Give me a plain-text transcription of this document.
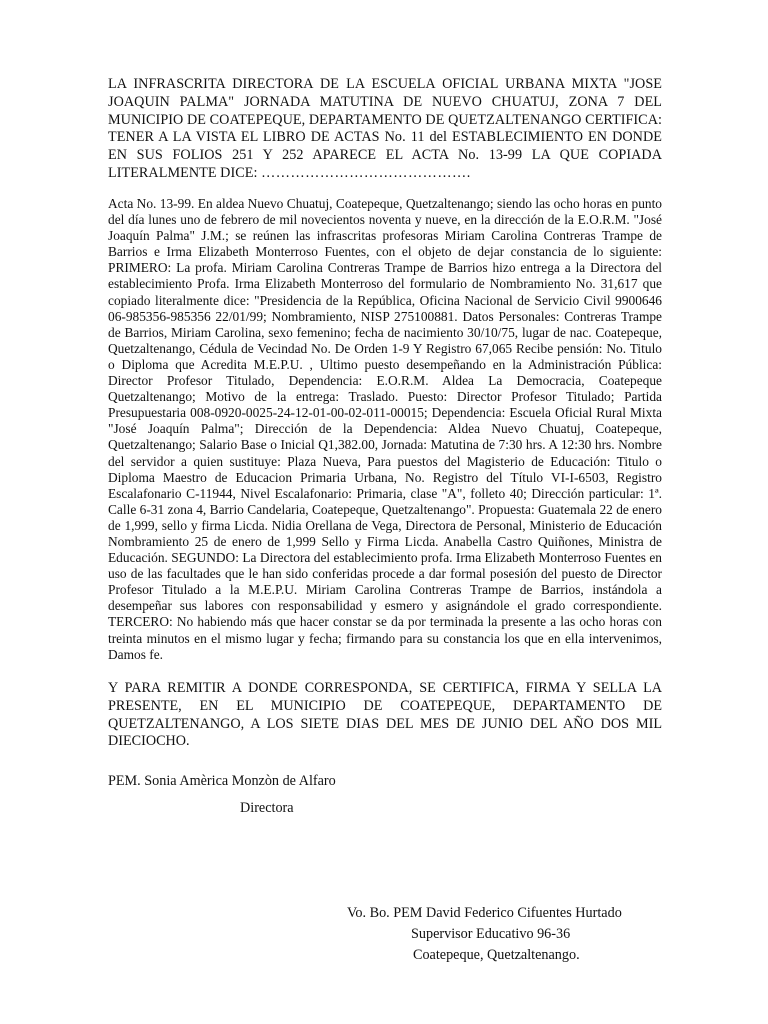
LA INFRASCRITA DIRECTORA DE LA ESCUELA OFICIAL URBANA MIXTA "JOSE JOAQUIN PALMA" JORNADA MATUTINA DE NUEVO CHUATUJ, ZONA 7 DEL MUNICIPIO DE COATEPEQUE, DEPARTAMENTO DE QUETZALTENANGO CERTIFICA: TENER A LA VISTA EL LIBRO DE ACTAS No. 11 del ESTABLECIMIENTO EN DONDE EN SUS FOLIOS 251 Y 252 APARECE EL ACTA No. 13-99 LA QUE COPIADA LITERALMENTE DICE: …………………………………….
Acta No. 13-99. En aldea Nuevo Chuatuj, Coatepeque, Quetzaltenango; siendo las ocho horas en punto del día lunes uno de febrero de mil novecientos noventa y nueve, en la dirección de la E.O.R.M. "José Joaquín Palma" J.M.; se reúnen las infrascritas profesoras Miriam Carolina Contreras Trampe de Barrios e Irma Elizabeth Monterroso Fuentes, con el objeto de dejar constancia de lo siguiente: PRIMERO: La profa. Miriam Carolina Contreras Trampe de Barrios hizo entrega a la Directora del establecimiento Profa. Irma Elizabeth Monterroso del formulario de Nombramiento No. 31,617 que copiado literalmente dice: "Presidencia de la República, Oficina Nacional de Servicio Civil 9900646 06-985356-985356 22/01/99; Nombramiento, NISP 275100881. Datos Personales: Contreras Trampe de Barrios, Miriam Carolina, sexo femenino; fecha de nacimiento 30/10/75, lugar de nac. Coatepeque, Quetzaltenango, Cédula de Vecindad No. De Orden 1-9 Y Registro 67,065 Recibe pensión: No. Titulo o Diploma que Acredita M.E.P.U. , Ultimo puesto desempeñando en la Administración Pública: Director Profesor Titulado, Dependencia: E.O.R.M. Aldea La Democracia, Coatepeque Quetzaltenango; Motivo de la entrega: Traslado. Puesto: Director Profesor Titulado; Partida Presupuestaria 008-0920-0025-24-12-01-00-02-011-00015; Dependencia: Escuela Oficial Rural Mixta "José Joaquín Palma"; Dirección de la Dependencia: Aldea Nuevo Chuatuj, Coatepeque, Quetzaltenango; Salario Base o Inicial Q1,382.00, Jornada: Matutina de 7:30 hrs. A 12:30 hrs. Nombre del servidor a quien sustituye: Plaza Nueva, Para puestos del Magisterio de Educación: Titulo o Diploma Maestro de Educacion Primaria Urbana, No. Registro del Título VI-I-6503, Registro Escalafonario C-11944, Nivel Escalafonario: Primaria, clase "A", folleto 40; Dirección particular: 1ª. Calle 6-31 zona 4, Barrio Candelaria, Coatepeque, Quetzaltenango". Propuesta: Guatemala 22 de enero de 1,999, sello y firma Licda. Nidia Orellana de Vega, Directora de Personal, Ministerio de Educación Nombramiento 25 de enero de 1,999 Sello y Firma Licda. Anabella Castro Quiñones, Ministra de Educación. SEGUNDO: La Directora del establecimiento profa. Irma Elizabeth Monterroso Fuentes en uso de las facultades que le han sido conferidas procede a dar formal posesión del puesto de Director Profesor Titulado a la M.E.P.U. Miriam Carolina Contreras Trampe de Barrios, instándola a desempeñar sus labores con responsabilidad y esmero y asignándole el grado correspondiente. TERCERO: No habiendo más que hacer constar se da por terminada la presente a las ocho horas con treinta minutos en el mismo lugar y fecha; firmando para su constancia los que en ella intervenimos, Damos fe.
Y PARA REMITIR A DONDE CORRESPONDA, SE CERTIFICA, FIRMA Y SELLA LA PRESENTE, EN EL MUNICIPIO DE COATEPEQUE, DEPARTAMENTO DE QUETZALTENANGO, A LOS SIETE DIAS DEL MES DE JUNIO DEL AÑO DOS MIL DIECIOCHO.
PEM. Sonia Amèrica Monzòn de Alfaro
Directora
Vo. Bo. PEM David Federico Cifuentes Hurtado
Supervisor Educativo 96-36
Coatepeque, Quetzaltenango.
